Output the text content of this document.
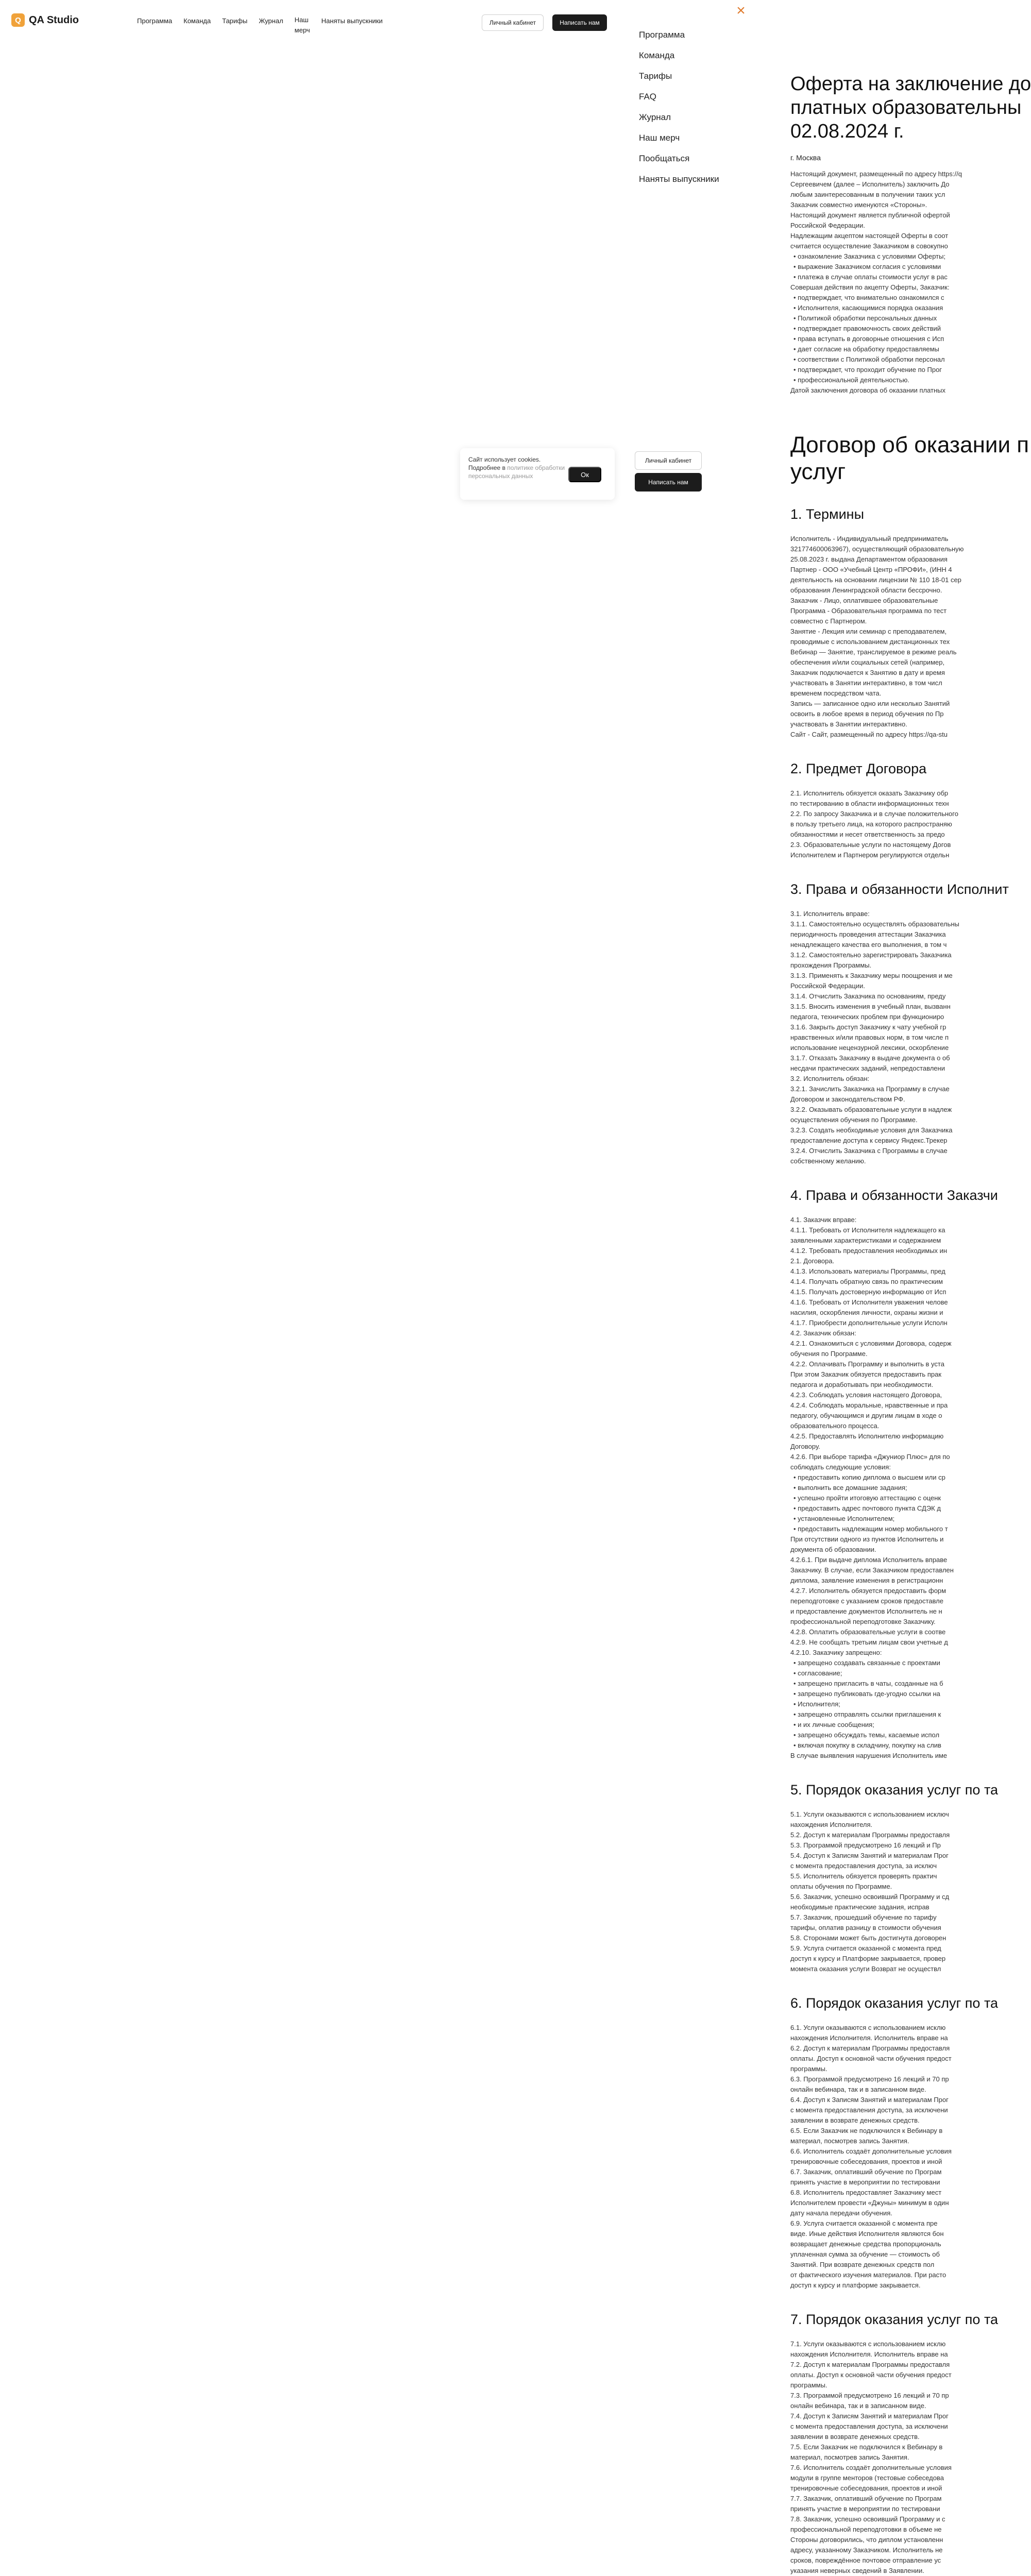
Q QA Studio	Программа Команда Тарифы Журнал Наш мерч
Наняты выпускники	Личный кабинет	Написать нам

Сайт использует cookies. Подробнее в политике обработки персональных данных	Ок
×
Программа
Команда
Тарифы
FAQ
Журнал
Наш мерч
Пообщаться
Наняты выпускники
Личный кабинет
Написать нам
Оферта на заключение до
платных образовательны
02.08.2024 г.
г. Москва

Настоящий документ, размещенный по адресу https://q

Сергеевичем (далее – Исполнитель) заключить До

любым заинтересованным в получении таких усл

Заказчик совместно именуются «Стороны».

Настоящий документ является публичной офертой

Российской Федерации.

Надлежащим акцептом настоящей Оферты в соот

считается осуществление Заказчиком в совокупно

• ознакомление Заказчика с условиями Оферты;
• выражение Заказчиком согласия с условиями
• платежа в случае оплаты стоимости услуг в рас

Совершая действия по акцепту Оферты, Заказчик:

• подтверждает, что внимательно ознакомился с
• Исполнителя, касающимися порядка оказания
• Политикой обработки персональных данных
• подтверждает правомочность своих действий
• права вступать в договорные отношения с Исп
• дает согласие на обработку предоставляемы
• соответствии с Политикой обработки персонал
• подтверждает, что проходит обучение по Прог
• профессиональной деятельностью.

Датой заключения договора об оказании платных

Договор об оказании п
услуг
1. Термины

Исполнитель - Индивидуальный предприниматель

321774600063967), осуществляющий образовательную

25.08.2023 г. выдана Департаментом образования

Партнер - ООО «Учебный Центр «ПРОФИ», (ИНН 4

деятельность на основании лицензии № 110 18-01 сер

образования Ленинградской области бессрочно.

Заказчик - Лицо, оплатившее образовательные

Программа - Образовательная программа по тест

совместно с Партнером.

Занятие - Лекция или семинар с преподавателем,

проводимые с использованием дистанционных тех

Вебинар — Занятие, транслируемое в режиме реаль

обеспечения и/или социальных сетей (например,

Заказчик подключается к Занятию в дату и время

участвовать в Занятии интерактивно, в том числ

временем посредством чата.

Запись — записанное одно или несколько Занятий

освоить в любое время в период обучения по Пр

участвовать в Занятии интерактивно.

Сайт - Сайт, размещенный по адресу https://qa-stu

2. Предмет Договора

2.1. Исполнитель обязуется оказать Заказчику обр

по тестированию в области информационных техн

2.2. По запросу Заказчика и в случае положительного

в пользу третьего лица, на которого распространяю

обязанностями и несет ответственность за предо

2.3. Образовательные услуги по настоящему Догов

Исполнителем и Партнером регулируются отдельн

3. Права и обязанности Исполнит

3.1. Исполнитель вправе:

3.1.1. Самостоятельно осуществлять образовательны

периодичность проведения аттестации Заказчика

ненадлежащего качества его выполнения, в том ч

3.1.2. Самостоятельно зарегистрировать Заказчика

прохождения Программы.

3.1.3. Применять к Заказчику меры поощрения и ме

Российской Федерации.

3.1.4. Отчислить Заказчика по основаниям, преду

3.1.5. Вносить изменения в учебный план, вызванн

педагога, технических проблем при функциониро

3.1.6. Закрыть доступ Заказчику к чату учебной гр

нравственных и/или правовых норм, в том числе п

использование нецензурной лексики, оскорбление

3.1.7. Отказать Заказчику в выдаче документа о об

несдачи практических заданий, непредоставлени

3.2. Исполнитель обязан:

3.2.1. Зачислить Заказчика на Программу в случае

Договором и законодательством РФ.

3.2.2. Оказывать образовательные услуги в надлеж

осуществления обучения по Программе.

3.2.3. Создать необходимые условия для Заказчика

предоставление доступа к сервису Яндекс.Трекер

3.2.4. Отчислить Заказчика с Программы в случае

собственному желанию.

4. Права и обязанности Заказчи

4.1. Заказчик вправе:

4.1.1. Требовать от Исполнителя надлежащего ка

заявленными характеристиками и содержанием

4.1.2. Требовать предоставления необходимых ин

2.1. Договора.

4.1.3. Использовать материалы Программы, пред

4.1.4. Получать обратную связь по практическим

4.1.5. Получать достоверную информацию от Исп

4.1.6. Требовать от Исполнителя уважения челове

насилия, оскорбления личности, охраны жизни и

4.1.7. Приобрести дополнительные услуги Исполн

4.2. Заказчик обязан:

4.2.1. Ознакомиться с условиями Договора, содерж

обучения по Программе.

4.2.2. Оплачивать Программу и выполнить в уста

При этом Заказчик обязуется предоставить прак

педагога и доработывать при необходимости.

4.2.3. Соблюдать условия настоящего Договора,

4.2.4. Соблюдать моральные, нравственные и пра

педагогу, обучающимся и другим лицам в ходе о

образовательного процесса.

4.2.5. Предоставлять Исполнителю информацию

Договору.

4.2.6. При выборе тарифа «Джуниор Плюс» для по

соблюдать следующие условия:

• предоставить копию диплома о высшем или ср
• выполнить все домашние задания;
• успешно пройти итоговую аттестацию с оценк
• предоставить адрес почтового пункта СДЭК д
• установленные Исполнителем;
• предоставить надлежащим номер мобильного т

При отсутствии одного из пунктов Исполнитель и

документа об образовании.

4.2.6.1. При выдаче диплома Исполнитель вправе

Заказчику. В случае, если Заказчиком предоставлен

диплома, заявление изменения в регистрационн

4.2.7. Исполнитель обязуется предоставить форм

переподготовке с указанием сроков предоставле

и предоставление документов Исполнитель не н

профессиональной переподготовке Заказчику.

4.2.8. Оплатить образовательные услуги в соотве

4.2.9. Не сообщать третьим лицам свои учетные д

4.2.10. Заказчику запрещено:

• запрещено создавать связанные с проектами
• согласование;
• запрещено пригласить в чаты, созданные на б
• запрещено публиковать где-угодно ссылки на
• Исполнителя;
• запрещено отправлять ссылки приглашения к
• и их личные сообщения;
• запрещено обсуждать темы, касаемые испол
• включая покупку в складчину, покупку на слив

В случае выявления нарушения Исполнитель име

5. Порядок оказания услуг по та

5.1. Услуги оказываются с использованием исключ

нахождения Исполнителя.

5.2. Доступ к материалам Программы предоставля

5.3. Программой предусмотрено 16 лекций и Пр

5.4. Доступ к Записям Занятий и материалам Прог

с момента предоставления доступа, за исключ

5.5. Исполнитель обязуется проверять практич

оплаты обучения по Программе.

5.6. Заказчик, успешно освоивший Программу и сд

необходимые практические задания, исправ

5.7. Заказчик, прошедший обучение по тарифу

тарифы, оплатив разницу в стоимости обучения

5.8. Сторонами может быть достигнута договорен

5.9. Услуга считается оказанной с момента пред

доступ к курсу и Платформе закрывается, провер

момента оказания услуги Возврат не осуществл

6. Порядок оказания услуг по та

6.1. Услуги оказываются с использованием исклю

нахождения Исполнителя. Исполнитель вправе на

6.2. Доступ к материалам Программы предоставля

оплаты. Доступ к основной части обучения предост

программы.

6.3. Программой предусмотрено 16 лекций и 70 пр

онлайн вебинара, так и в записанном виде.

6.4. Доступ к Записям Занятий и материалам Прог

с момента предоставления доступа, за исключени

заявлении в возврате денежных средств.

6.5. Если Заказчик не подключился к Вебинару в

материал, посмотрев запись Занятия.

6.6. Исполнитель создаёт дополнительные условия

тренировочные собеседования, проектов и иной

6.7. Заказчик, оплативший обучение по Програм

принять участие в мероприятии по тестировани

6.8. Исполнитель предоставляет Заказчику мест

Исполнителем провести «Джуны» минимум в один

дату начала передачи обучения.

6.9. Услуга считается оказанной с момента пре

виде. Иные действия Исполнителя являются бон

возвращает денежные средства пропорциональ

уплаченная сумма за обучение — стоимость об

Занятий. При возврате денежных средств пол

от фактического изучения материалов. При расто

доступ к курсу и платформе закрывается.

7. Порядок оказания услуг по та

7.1. Услуги оказываются с использованием исклю

нахождения Исполнителя. Исполнитель вправе на

7.2. Доступ к материалам Программы предоставля

оплаты. Доступ к основной части обучения предост

программы.

7.3. Программой предусмотрено 16 лекций и 70 пр

онлайн вебинара, так и в записанном виде.

7.4. Доступ к Записям Занятий и материалам Прог

с момента предоставления доступа, за исключени

заявлении в возврате денежных средств.

7.5. Если Заказчик не подключился к Вебинару в

материал, посмотрев запись Занятия.

7.6. Исполнитель создаёт дополнительные условия

модули в группе менторов (тестовые собеседова

тренировочные собеседования, проектов и иной

7.7. Заказчик, оплативший обучение по Програм

принять участие в мероприятии по тестировани

7.8. Заказчик, успешно освоивший Программу и с

профессиональной переподготовки в объеме не

Стороны договорились, что диплом установленн

адресу, указанному Заказчиком. Исполнитель не

сроков, повреждённое почтовое отправление ус

указания неверных сведений в Заявлении.
